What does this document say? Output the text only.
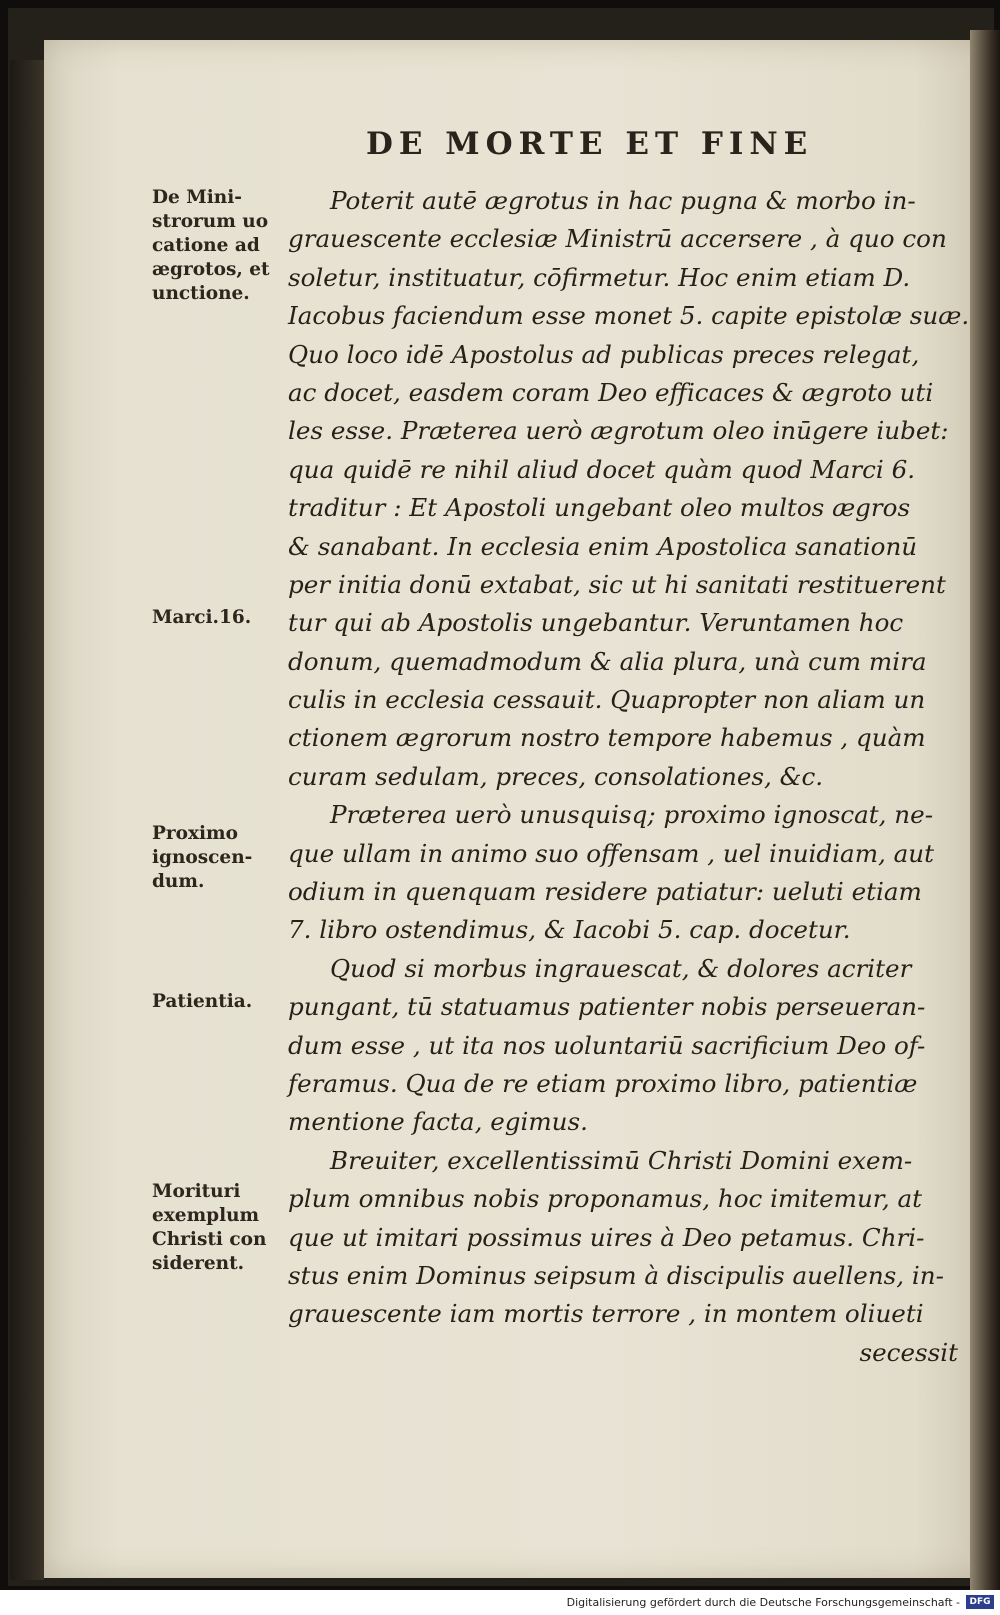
DE MORTE ET FINE
De Mini-
strorum uo
catione ad
ægrotos, et
unctione.
Marci.16.
Proximo
ignoscen-
dum.
Patientia.
Morituri
exemplum
Christi con
siderent.
Poterit autē ægrotus in hac pugna & morbo in-
grauescente ecclesiæ Ministrū accersere , à quo con
soletur, instituatur, cōfirmetur. Hoc enim etiam D.
Iacobus faciendum esse monet 5. capite epistolæ suæ.
Quo loco idē Apostolus ad publicas preces relegat,
ac docet, easdem coram Deo efficaces & ægroto uti
les esse. Præterea uerò ægrotum oleo inūgere iubet:
qua quidē re nihil aliud docet quàm quod Marci 6.
traditur : Et Apostoli ungebant oleo multos ægros
& sanabant. In ecclesia enim Apostolica sanationū
per initia donū extabat, sic ut hi sanitati restituerent
tur qui ab Apostolis ungebantur. Veruntamen hoc
donum, quemadmodum & alia plura, unà cum mira
culis in ecclesia cessauit. Quapropter non aliam un
ctionem ægrorum nostro tempore habemus , quàm
curam sedulam, preces, consolationes, &c.
Præterea uerò unusquisq; proximo ignoscat, ne-
que ullam in animo suo offensam , uel inuidiam, aut
odium in quenquam residere patiatur: ueluti etiam
7. libro ostendimus, & Iacobi 5. cap. docetur.
Quod si morbus ingrauescat, & dolores acriter
pungant, tū statuamus patienter nobis perseueran-
dum esse , ut ita nos uoluntariū sacrificium Deo of-
feramus. Qua de re etiam proximo libro, patientiæ
mentione facta, egimus.
Breuiter, excellentissimū Christi Domini exem-
plum omnibus nobis proponamus, hoc imitemur, at
que ut imitari possimus uires à Deo petamus. Chri-
stus enim Dominus seipsum à discipulis auellens, in-
grauescente iam mortis terrore , in montem oliueti
secessit
Digitalisierung gefördert durch die Deutsche Forschungsgemeinschaft -	DFG
